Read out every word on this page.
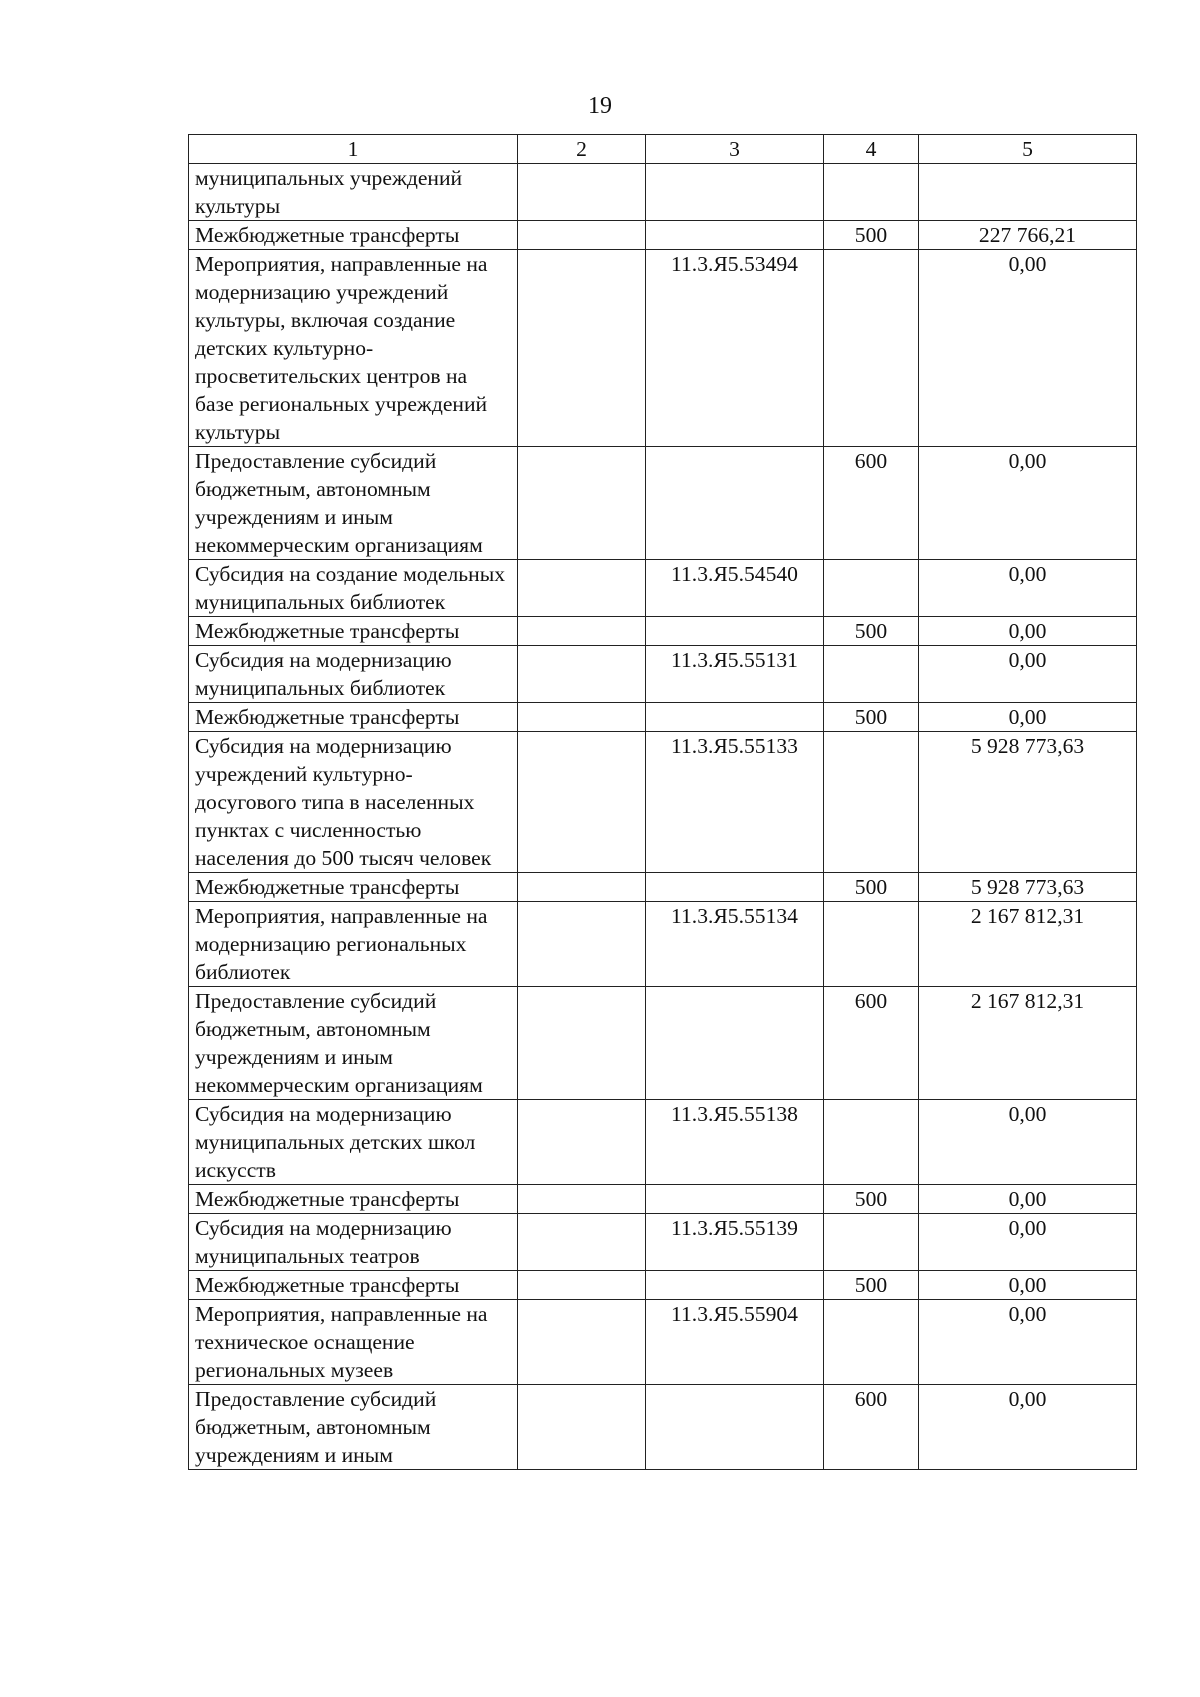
19
1	2	3	4	5
муниципальных учреждений культуры				
Межбюджетные трансферты			500	227 766,21
Мероприятия, направленные на модернизацию учреждений культуры, включая создание детских культурно-просветительских центров на базе региональных учреждений культуры		11.3.Я5.53494		0,00
Предоставление субсидий бюджетным, автономным учреждениям и иным некоммерческим организациям			600	0,00
Субсидия на создание модельных муниципальных библиотек		11.3.Я5.54540		0,00
Межбюджетные трансферты			500	0,00
Субсидия на модернизацию муниципальных библиотек		11.3.Я5.55131		0,00
Межбюджетные трансферты			500	0,00
Субсидия на модернизацию учреждений культурно-досугового типа в населенных пунктах с численностью населения до 500 тысяч человек		11.3.Я5.55133		5 928 773,63
Межбюджетные трансферты			500	5 928 773,63
Мероприятия, направленные на модернизацию региональных библиотек		11.3.Я5.55134		2 167 812,31
Предоставление субсидий бюджетным, автономным учреждениям и иным некоммерческим организациям			600	2 167 812,31
Субсидия на модернизацию муниципальных детских школ искусств		11.3.Я5.55138		0,00
Межбюджетные трансферты			500	0,00
Субсидия на модернизацию муниципальных театров		11.3.Я5.55139		0,00
Межбюджетные трансферты			500	0,00
Мероприятия, направленные на техническое оснащение региональных музеев		11.3.Я5.55904		0,00
Предоставление субсидий бюджетным, автономным учреждениям и иным			600	0,00
